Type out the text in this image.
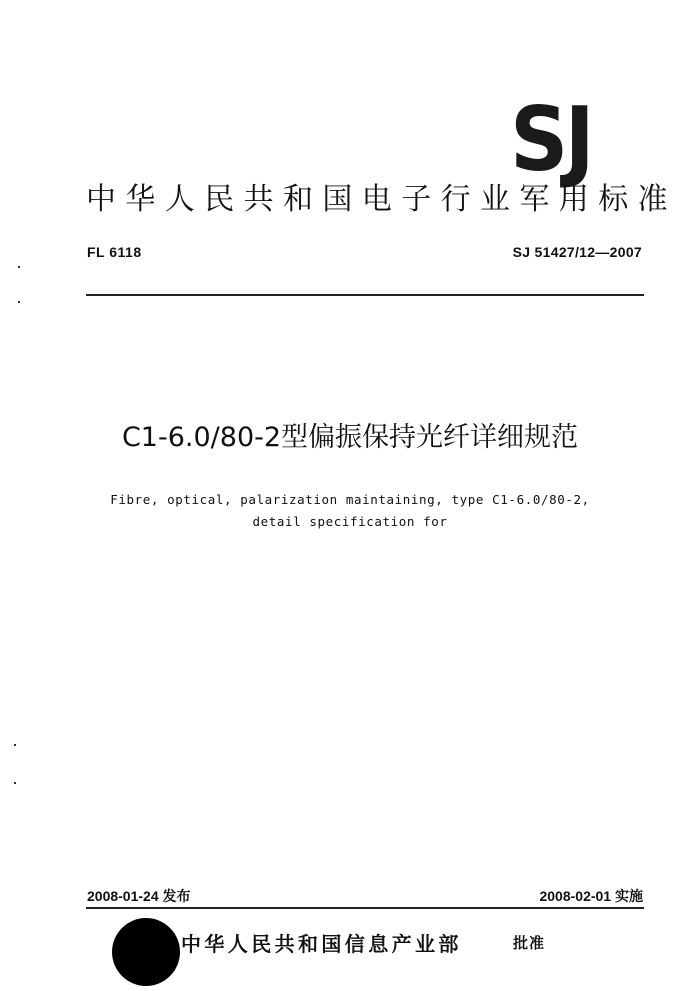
SJ
中华人民共和国电子行业军用标准
FL 6118	SJ 51427/12—2007
C1-6.0/80-2型偏振保持光纤详细规范
Fibre, optical, palarization maintaining, type C1-6.0/80-2,
detail specification for
2008-01-24 发布	2008-02-01 实施
中华人民共和国信息产业部	批准
